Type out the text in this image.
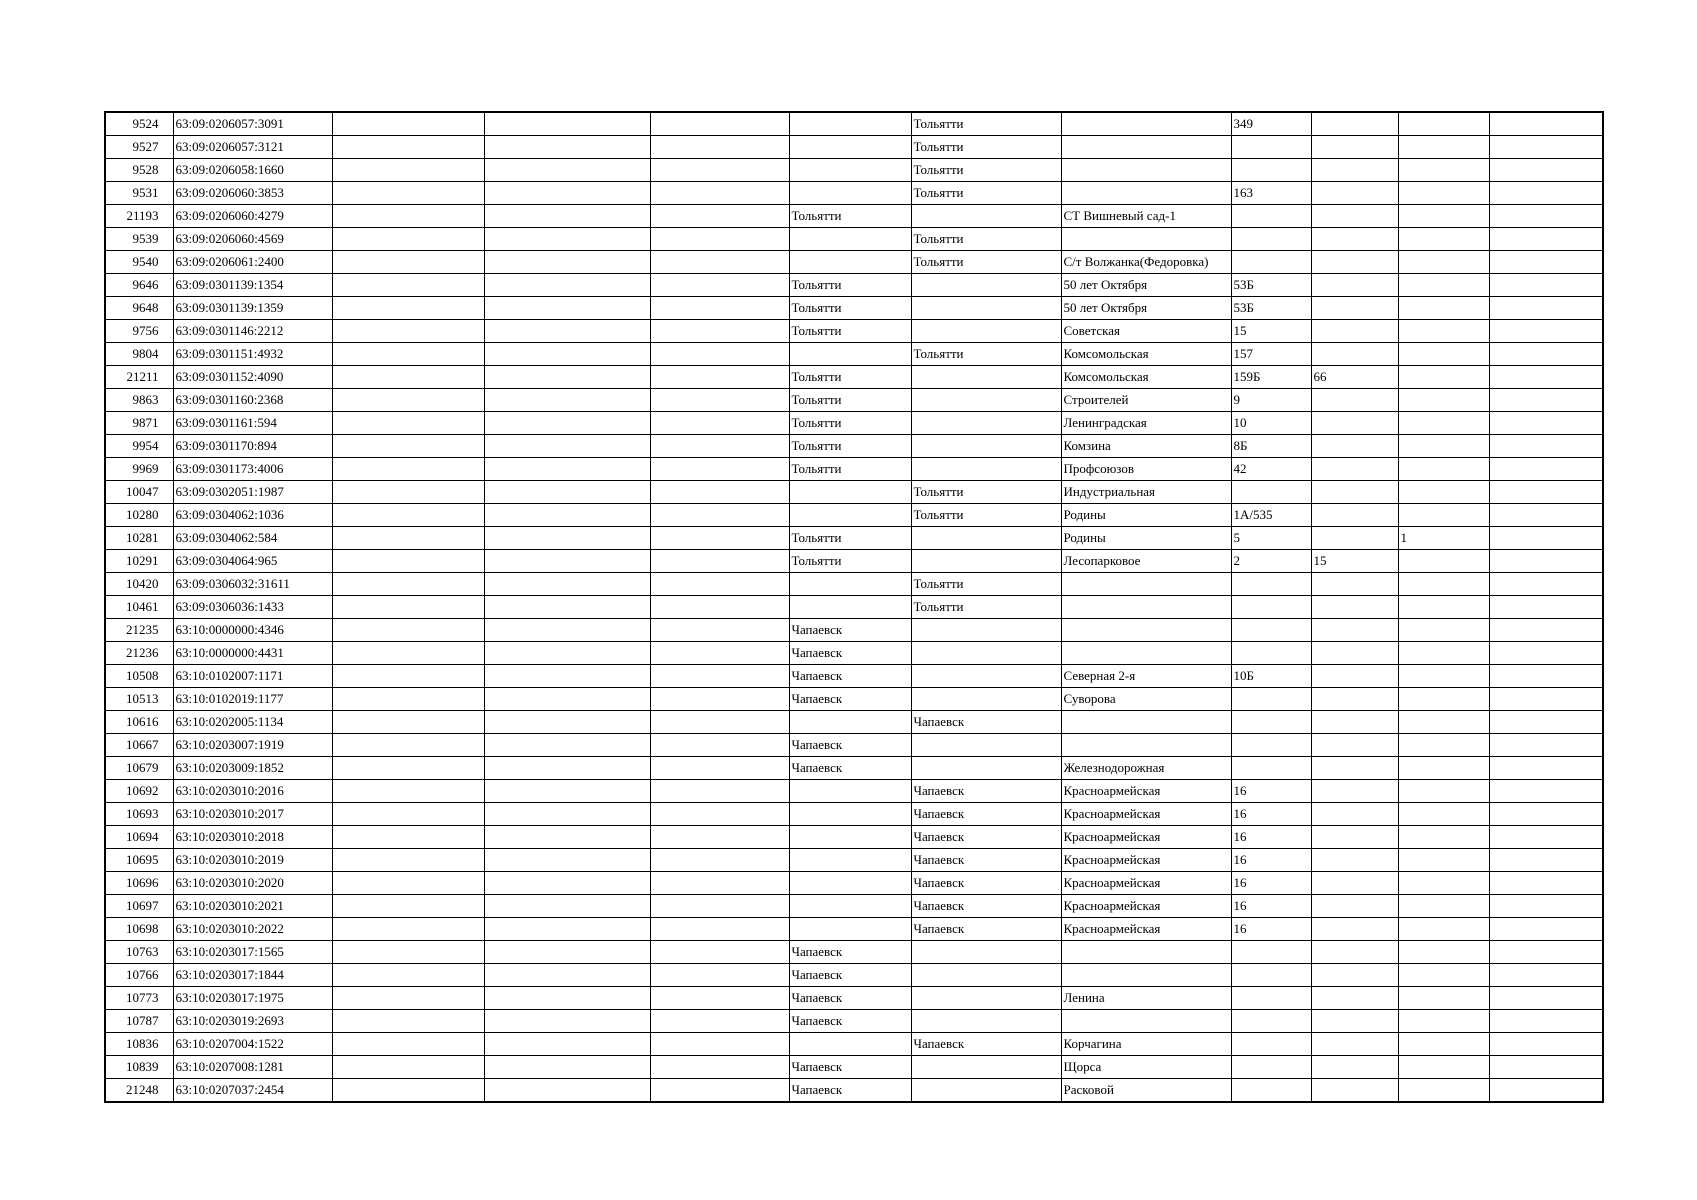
9524	63:09:0206057:3091					Тольятти		349			
9527	63:09:0206057:3121					Тольятти					
9528	63:09:0206058:1660					Тольятти					
9531	63:09:0206060:3853					Тольятти		163			
21193	63:09:0206060:4279				Тольятти		СТ Вишневый сад-1				
9539	63:09:0206060:4569					Тольятти					
9540	63:09:0206061:2400					Тольятти	С/т Волжанка(Федоровка)				
9646	63:09:0301139:1354				Тольятти		50 лет Октября	53Б			
9648	63:09:0301139:1359				Тольятти		50 лет Октября	53Б			
9756	63:09:0301146:2212				Тольятти		Советская	15			
9804	63:09:0301151:4932					Тольятти	Комсомольская	157			
21211	63:09:0301152:4090				Тольятти		Комсомольская	159Б	66		
9863	63:09:0301160:2368				Тольятти		Строителей	9			
9871	63:09:0301161:594				Тольятти		Ленинградская	10			
9954	63:09:0301170:894				Тольятти		Комзина	8Б			
9969	63:09:0301173:4006				Тольятти		Профсоюзов	42			
10047	63:09:0302051:1987					Тольятти	Индустриальная				
10280	63:09:0304062:1036					Тольятти	Родины	1А/535			
10281	63:09:0304062:584				Тольятти		Родины	5		1	
10291	63:09:0304064:965				Тольятти		Лесопарковое	2	15		
10420	63:09:0306032:31611					Тольятти					
10461	63:09:0306036:1433					Тольятти					
21235	63:10:0000000:4346				Чапаевск						
21236	63:10:0000000:4431				Чапаевск						
10508	63:10:0102007:1171				Чапаевск		Северная 2-я	10Б			
10513	63:10:0102019:1177				Чапаевск		Суворова				
10616	63:10:0202005:1134					Чапаевск					
10667	63:10:0203007:1919				Чапаевск						
10679	63:10:0203009:1852				Чапаевск		Железнодорожная				
10692	63:10:0203010:2016					Чапаевск	Красноармейская	16			
10693	63:10:0203010:2017					Чапаевск	Красноармейская	16			
10694	63:10:0203010:2018					Чапаевск	Красноармейская	16			
10695	63:10:0203010:2019					Чапаевск	Красноармейская	16			
10696	63:10:0203010:2020					Чапаевск	Красноармейская	16			
10697	63:10:0203010:2021					Чапаевск	Красноармейская	16			
10698	63:10:0203010:2022					Чапаевск	Красноармейская	16			
10763	63:10:0203017:1565				Чапаевск						
10766	63:10:0203017:1844				Чапаевск						
10773	63:10:0203017:1975				Чапаевск		Ленина				
10787	63:10:0203019:2693				Чапаевск						
10836	63:10:0207004:1522					Чапаевск	Корчагина				
10839	63:10:0207008:1281				Чапаевск		Щорса				
21248	63:10:0207037:2454				Чапаевск		Расковой				
